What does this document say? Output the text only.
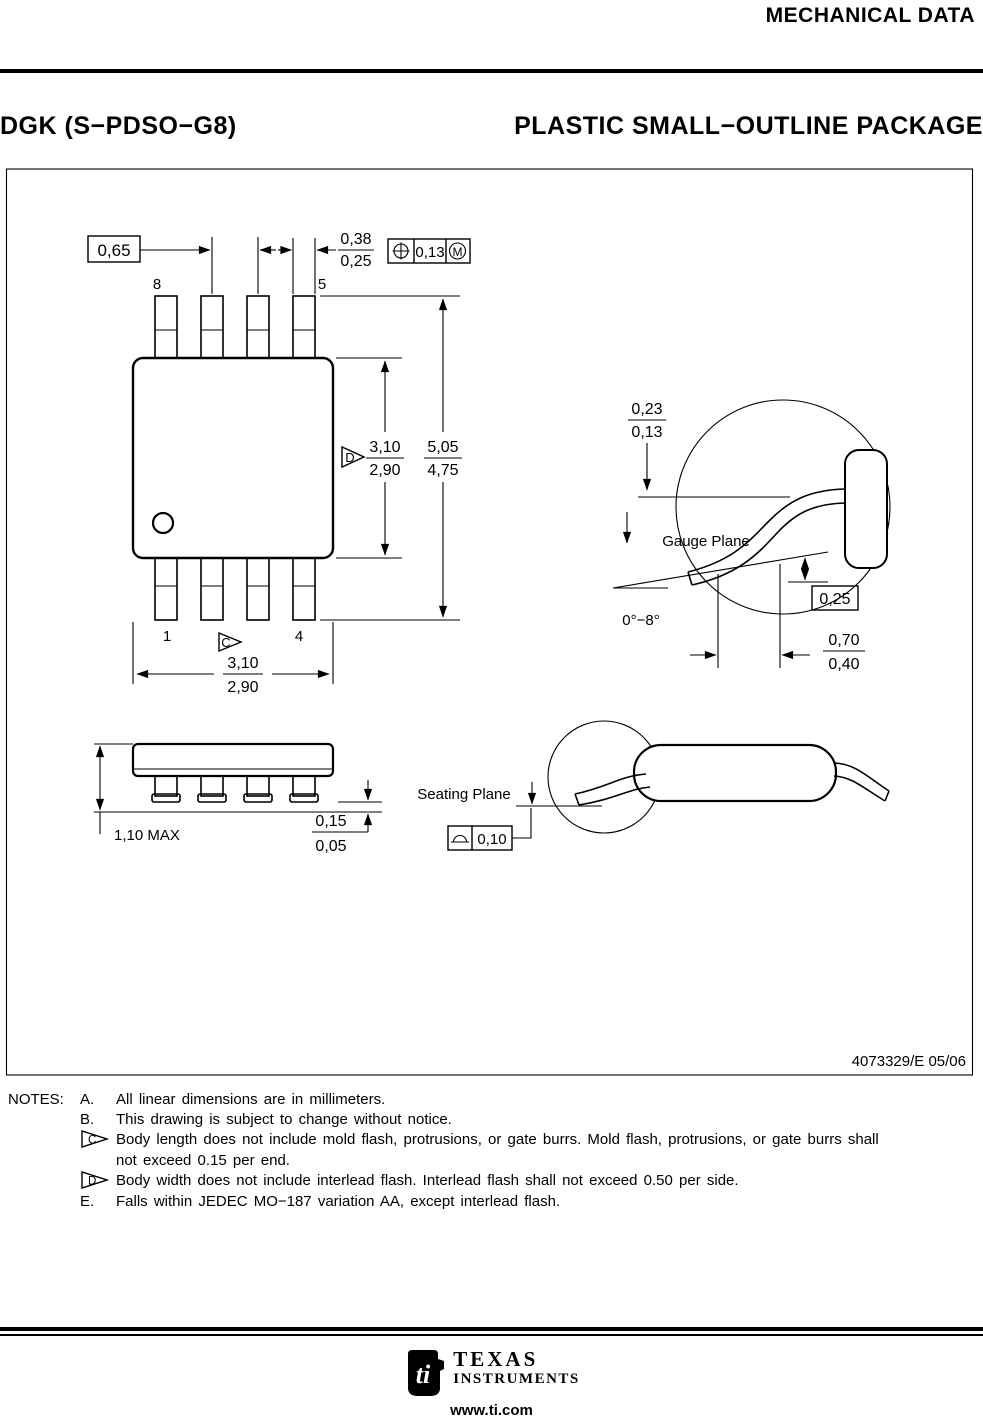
8	5
1	4
0,65
0,38
0,25
0,13 M
D
3,10
2,90
5,05
4,75
C
3,10
2,90
0,23
0,13
Gauge Plane
0°−8°
0,25
0,70
0,40
1,10 MAX
0,15
0,05
Seating Plane
0,10
4073329/E 05/06
MECHANICAL DATA
DGK (S−PDSO−G8)	PLASTIC SMALL−OUTLINE PACKAGE
NOTES:	A.	All linear dimensions are in millimeters.
B.	This drawing is subject to change without notice.
C Body length does not include mold flash, protrusions, or gate burrs. Mold flash, protrusions, or gate burrs shall
not exceed 0.15 per end.
D Body width does not include interlead flash. Interlead flash shall not exceed 0.50 per side.
E.	Falls within JEDEC MO−187 variation AA, except interlead flash.
ti
TEXAS
INSTRUMENTS
www.ti.com
